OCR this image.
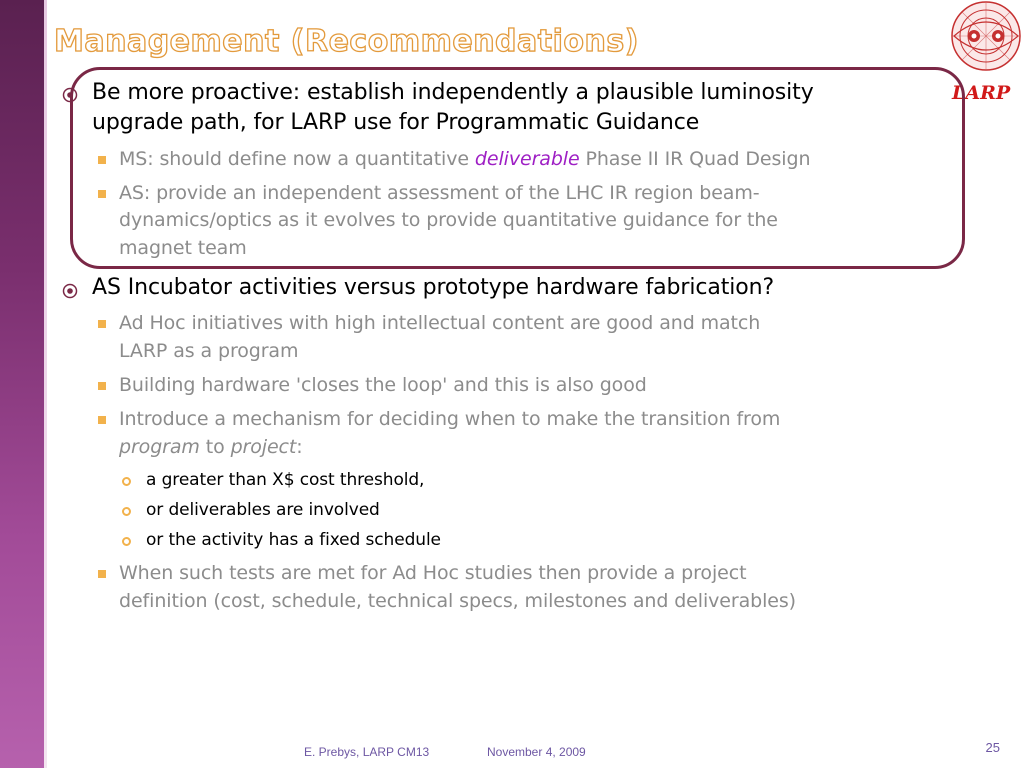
Management (Recommendations)
LARP
Be more proactive: establish independently a plausible luminosity
upgrade path, for LARP use for Programmatic Guidance
MS: should define now a quantitative deliverable Phase II IR Quad Design
AS: provide an independent assessment of the LHC IR region beam-
dynamics/optics as it evolves to provide quantitative guidance for the
magnet team
AS Incubator activities versus prototype hardware fabrication?
Ad Hoc initiatives with high intellectual content are good and match
LARP as a program
Building hardware 'closes the loop' and this is also good
Introduce a mechanism for deciding when to make the transition from
program to project:
a greater than X$ cost threshold,
or deliverables are involved
or the activity has a fixed schedule
When such tests are met for Ad Hoc studies then provide a project
definition (cost, schedule, technical specs, milestones and deliverables)
E. Prebys, LARP CM13	November 4, 2009	25
